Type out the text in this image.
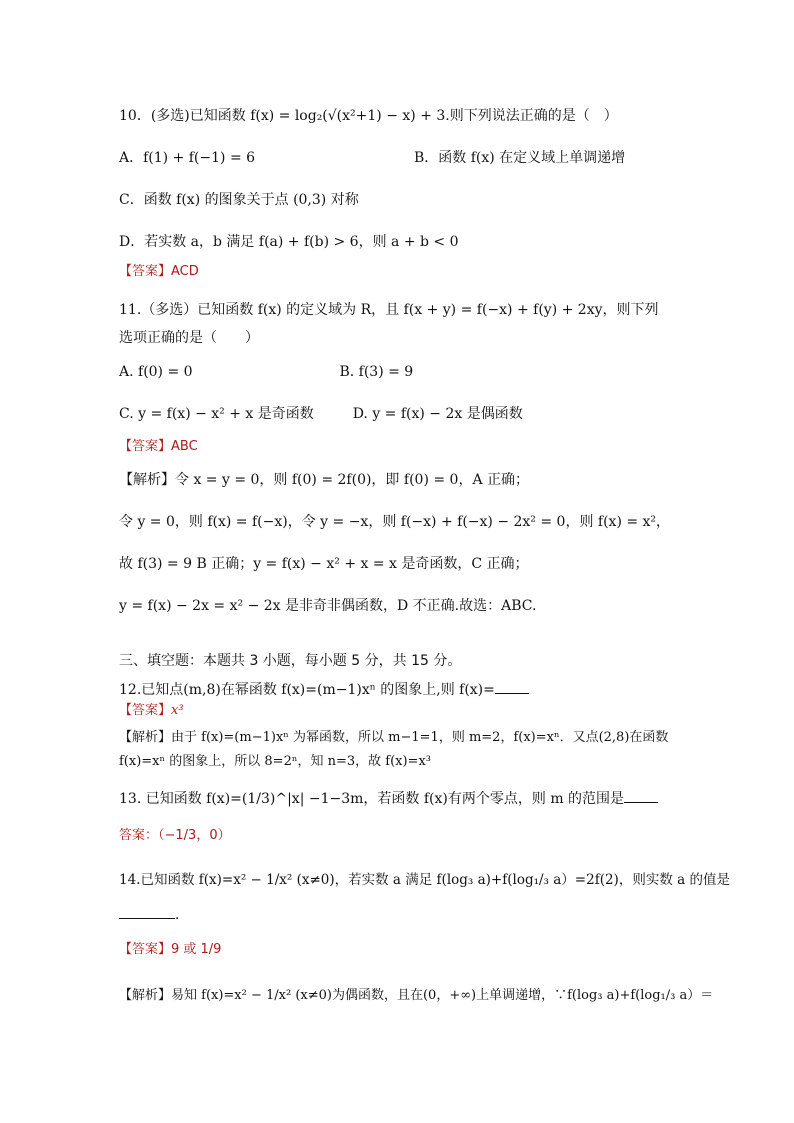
10．(多选)已知函数 f(x) = log₂(√(x²+1) − x) + 3.则下列说法正确的是（　）
A．f(1) + f(−1) = 6	B．函数 f(x) 在定义域上单调递增
C．函数 f(x) 的图象关于点 (0,3) 对称
D．若实数 a，b 满足 f(a) + f(b) > 6，则 a + b < 0
【答案】ACD
11.（多选）已知函数 f(x) 的定义域为 R，且 f(x + y) = f(−x) + f(y) + 2xy，则下列
选项正确的是（　　）
A. f(0) = 0	B. f(3) = 9
C. y = f(x) − x² + x 是奇函数	D. y = f(x) − 2x 是偶函数
【答案】ABC
【解析】令 x = y = 0，则 f(0) = 2f(0)，即 f(0) = 0，A 正确；
令 y = 0，则 f(x) = f(−x)，令 y = −x，则 f(−x) + f(−x) − 2x² = 0，则 f(x) = x²，
故 f(3) = 9 B 正确；y = f(x) − x² + x = x 是奇函数，C 正确；
y = f(x) − 2x = x² − 2x 是非奇非偶函数，D 不正确.故选：ABC.
三、填空题：本题共 3 小题，每小题 5 分，共 15 分。
12.已知点(m,8)在幂函数 f(x)=(m−1)xⁿ 的图象上,则 f(x)=
【答案】x³
【解析】由于 f(x)=(m−1)xⁿ 为幂函数，所以 m−1=1，则 m=2，f(x)=xⁿ．又点(2,8)在函数
f(x)=xⁿ 的图象上，所以 8=2ⁿ，知 n=3，故 f(x)=x³
13. 已知函数 f(x)=(1/3)^|x| −1−3m，若函数 f(x)有两个零点，则 m 的范围是
答案：（−1/3，0）
14.已知函数 f(x)=x² − 1/x² (x≠0)，若实数 a 满足 f(log₃ a)+f(log₁/₃ a）=2f(2)，则实数 a 的值是
．
【答案】9 或 1/9
【解析】易知 f(x)=x² − 1/x² (x≠0)为偶函数，且在(0，+∞)上单调递增，∵f(log₃ a)+f(log₁/₃ a）＝
